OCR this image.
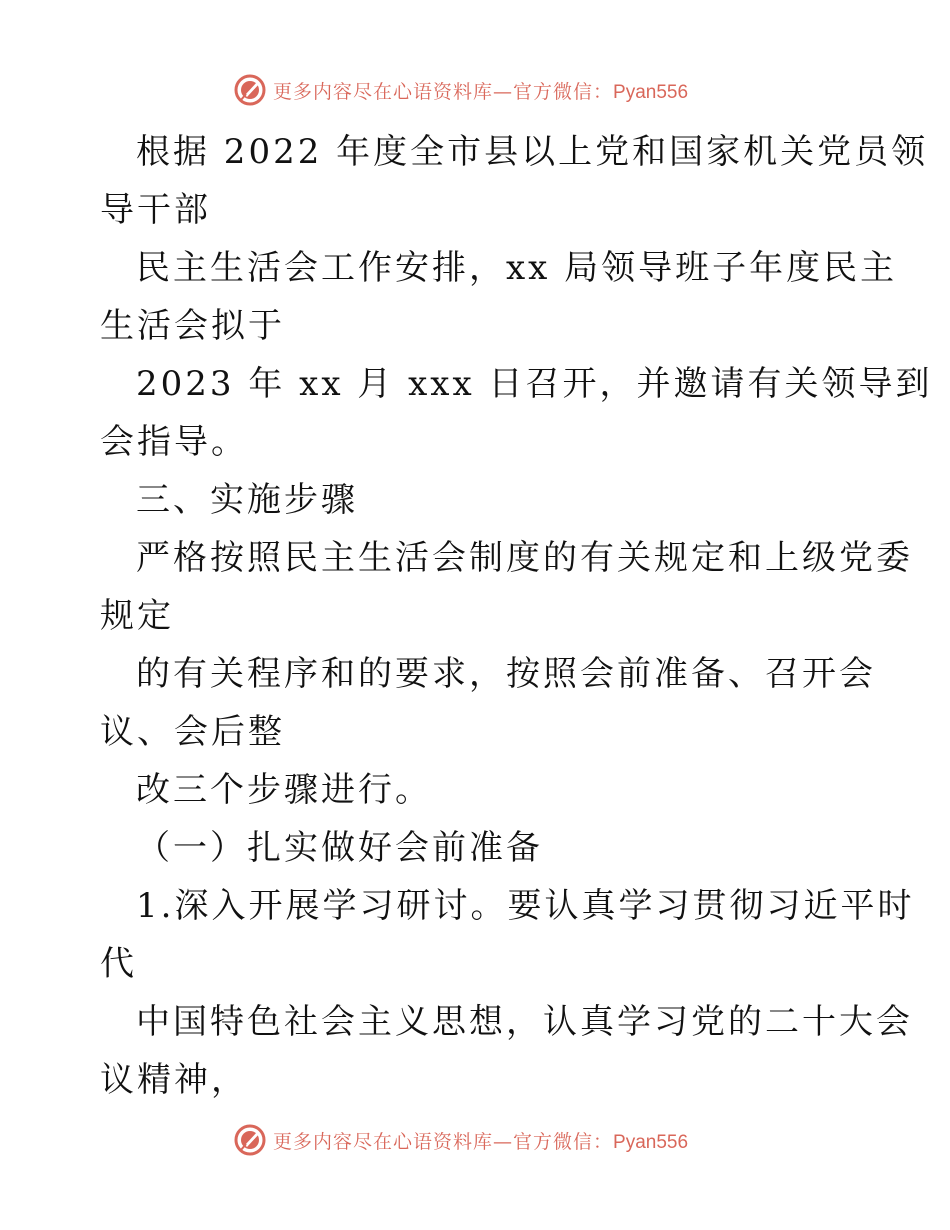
更多内容尽在心语资料库—官方微信：Pyan556
根据 2022 年度全市县以上党和国家机关党员领
导干部
民主生活会工作安排，xx 局领导班子年度民主
生活会拟于
2023 年 xx 月 xxx 日召开，并邀请有关领导到
会指导。
三、实施步骤
严格按照民主生活会制度的有关规定和上级党委
规定
的有关程序和的要求，按照会前准备、召开会
议、会后整
改三个步骤进行。
（一）扎实做好会前准备
1.深入开展学习研讨。要认真学习贯彻习近平时
代
中国特色社会主义思想，认真学习党的二十大会
议精神，
更多内容尽在心语资料库—官方微信：Pyan556
